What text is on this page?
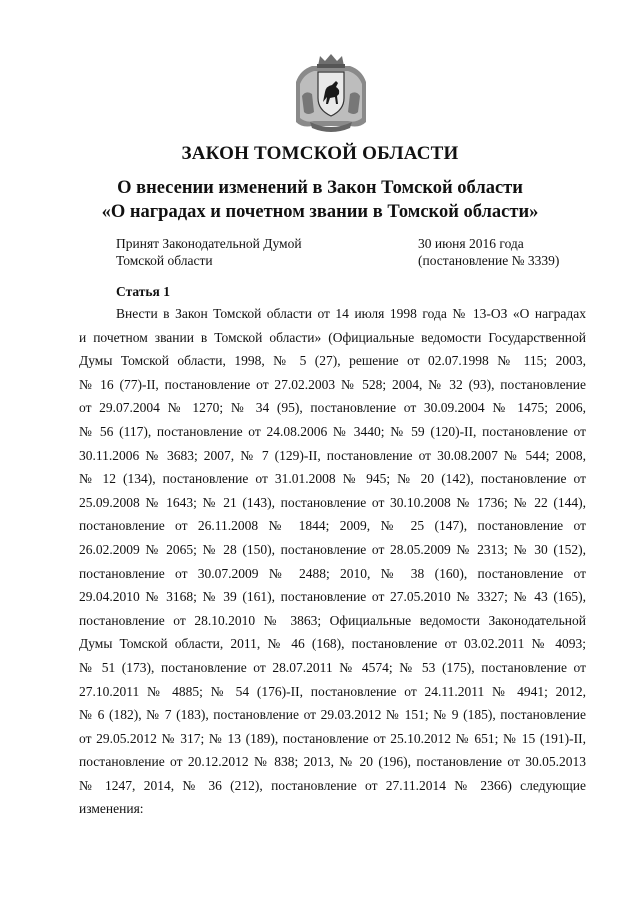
ЗАКОН ТОМСКОЙ ОБЛАСТИ
О внесении изменений в Закон Томской области
«О наградах и почетном звании в Томской области»
Принят Законодательной Думой
Томской области
30 июня 2016 года
(постановление № 3339)
Статья 1
Внести в Закон Томской области от 14 июля 1998 года № 13-ОЗ «О наградах
и почетном звании в Томской области» (Официальные ведомости Государственной
Думы Томской области, 1998, № 5 (27), решение от 02.07.1998 № 115; 2003,
№ 16 (77)-II, постановление от 27.02.2003 № 528; 2004, № 32 (93), постановление
от 29.07.2004 № 1270; № 34 (95), постановление от 30.09.2004 № 1475; 2006,
№ 56 (117), постановление от 24.08.2006 № 3440; № 59 (120)-II, постановление от
30.11.2006 № 3683; 2007, № 7 (129)-II, постановление от 30.08.2007 № 544; 2008,
№ 12 (134), постановление от 31.01.2008 № 945; № 20 (142), постановление от
25.09.2008 № 1643; № 21 (143), постановление от 30.10.2008 № 1736; № 22 (144),
постановление от 26.11.2008 № 1844; 2009, № 25 (147), постановление от
26.02.2009 № 2065; № 28 (150), постановление от 28.05.2009 № 2313; № 30 (152),
постановление от 30.07.2009 № 2488; 2010, № 38 (160), постановление от
29.04.2010 № 3168; № 39 (161), постановление от 27.05.2010 № 3327; № 43 (165),
постановление от 28.10.2010 № 3863; Официальные ведомости Законодательной
Думы Томской области, 2011, № 46 (168), постановление от 03.02.2011 № 4093;
№ 51 (173), постановление от 28.07.2011 № 4574; № 53 (175), постановление от
27.10.2011 № 4885; № 54 (176)-II, постановление от 24.11.2011 № 4941; 2012,
№ 6 (182), № 7 (183), постановление от 29.03.2012 № 151; № 9 (185), постановление
от 29.05.2012 № 317; № 13 (189), постановление от 25.10.2012 № 651; № 15 (191)-II,
постановление от 20.12.2012 № 838; 2013, № 20 (196), постановление от 30.05.2013
№ 1247, 2014, № 36 (212), постановление от 27.11.2014 № 2366) следующие
изменения:
